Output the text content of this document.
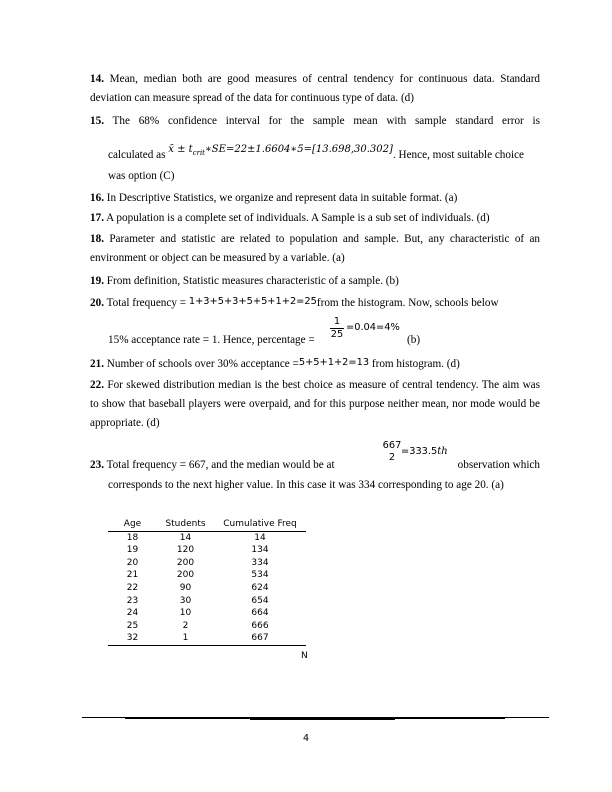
14. Mean, median both are good measures of central tendency for continuous data. Standard deviation can measure spread of the data for continuous type of data. (d)
15. The 68% confidence interval for the sample mean with sample standard error is
calculated as x̄ ± $t_{crit}∗SE=22\pm 1.6604∗5=[13.698,30.302]$. Hence, most suitable choice
was option (C)
16. In Descriptive Statistics, we organize and represent data in suitable format. (a)
17. A population is a complete set of individuals. A Sample is a sub set of individuals. (d)
18. Parameter and statistic are related to population and sample. But, any characteristic of an environment or object can be measured by a variable. (a)
19. From definition, Statistic measures characteristic of a sample. (b)
20. Total frequency = 1+3+5+3+5+5+1+2=25from the histogram. Now, schools below
15% acceptance rate = 1. Hence, percentage =	$\frac{1}{25} =0.04=4\%$
(b)
21. Number of schools over 30% acceptance =5+5+1+2=13 from histogram. (d)
22. For skewed distribution median is the best choice as measure of central tendency. The aim was to show that baseball players were overpaid, and for this purpose neither mean, nor mode would be appropriate. (d)
667
2
=333.5th
23. Total frequency = 667, and the median would be at	observation which
corresponds to the next higher value. In this case it was 334 corresponding to age 20. (a)
Age	Students	Cumulative Freq
18	14	14
19	120	134
20	200	334
21	200	534
22	90	624
23	30	654
24	10	664
25	2	666
32	1	667
N
4
